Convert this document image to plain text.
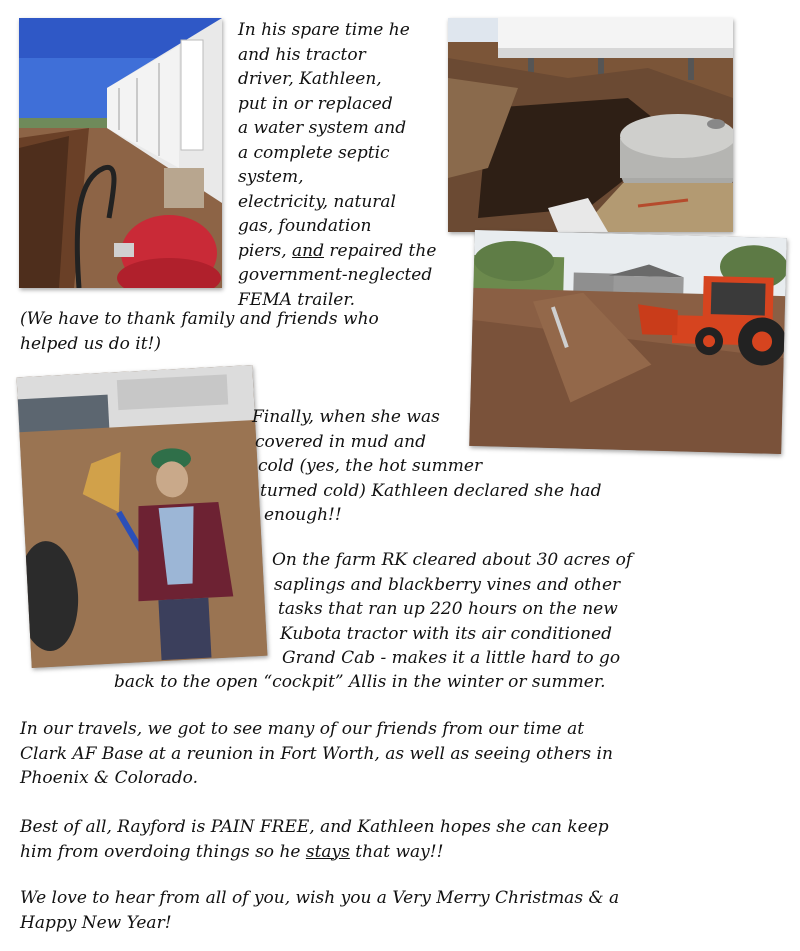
In his spare time he
and his tractor
driver, Kathleen,
put in or replaced
a water system and
a complete septic
system,
electricity, natural
gas, foundation
piers, and repaired the
government-neglected
FEMA trailer.
(We have to thank family and friends who
helped us do it!)
Finally, when she was
covered in mud and
cold (yes, the hot summer
turned cold) Kathleen declared she had
enough!!
On the farm RK cleared about 30 acres of
saplings and blackberry vines and other
tasks that ran up 220 hours on the new
Kubota tractor with its air conditioned
Grand Cab - makes it a little hard to go
back to the open “cockpit” Allis in the winter or summer.
In our travels, we got to see many of our friends from our time at
Clark AF Base at a reunion in Fort Worth, as well as seeing others in
Phoenix & Colorado.
Best of all, Rayford is PAIN FREE, and Kathleen hopes she can keep
him from overdoing things so he stays that way!!
We love to hear from all of you, wish you a Very Merry Christmas & a
Happy New Year!
